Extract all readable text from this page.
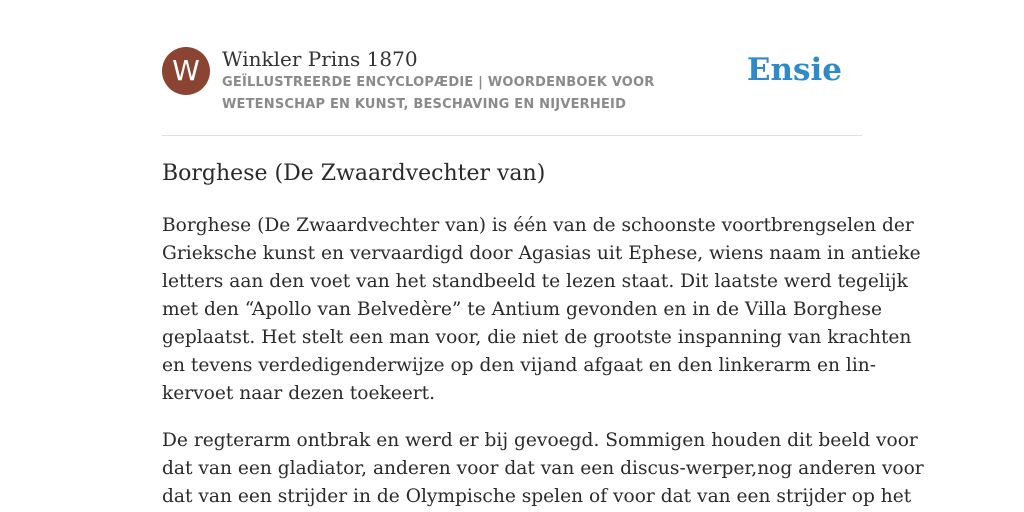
W	Winkler Prins 1870
GEÏLLUSTREERDE ENCYCLOPÆDIE | WOORDENBOEK VOOR WETENSCHAP EN KUNST, BESCHAVING EN NIJVERHEID
Ensie
Borghese (De Zwaardvechter van)

Borghese (De Zwaardvechter van) is één van de schoonste voortbrengselen der
Grieksche kunst en vervaardigd door Agasias uit Ephese, wiens naam in antieke
letters aan den voet van het standbeeld te lezen staat. Dit laatste werd tegelijk
met den “Apollo van Belvedère” te Antium gevonden en in de Villa Borghese
geplaatst. Het stelt een man voor, die niet de grootste inspanning van krachten
en tevens verdedigenderwijze op den vijand afgaat en den linkerarm en lin-
kervoet naar dezen toekeert.

De regterarm ontbrak en werd er bij gevoegd. Sommigen houden dit beeld voor
dat van een gladiator, anderen voor dat van een discus-werper,nog anderen voor
dat van een strijder in de Olympische spelen of voor dat van een strijder op het
